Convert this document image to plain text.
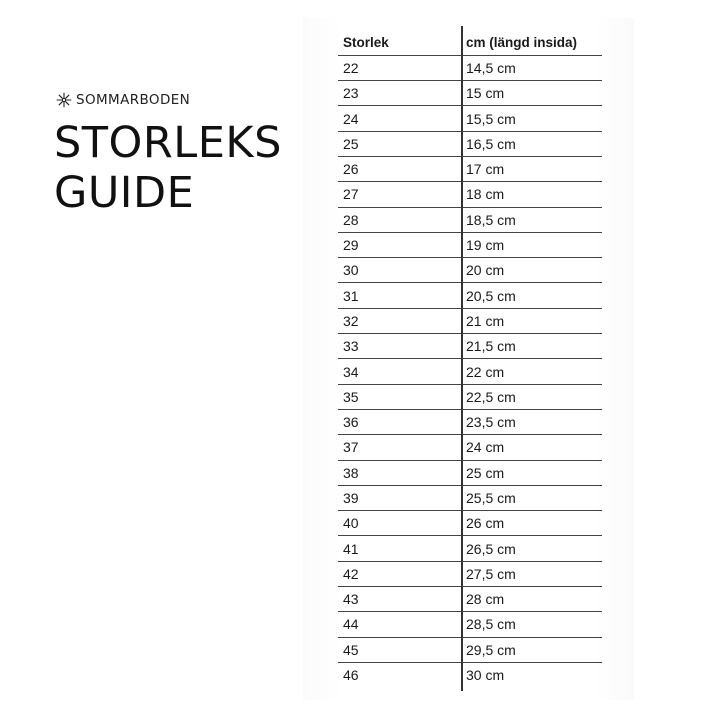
SOMMARBODEN
STORLEKS
GUIDE
Storlek	cm (längd insida)
22	14,5 cm
23	15 cm
24	15,5 cm
25	16,5 cm
26	17 cm
27	18 cm
28	18,5 cm
29	19 cm
30	20 cm
31	20,5 cm
32	21 cm
33	21,5 cm
34	22 cm
35	22,5 cm
36	23,5 cm
37	24 cm
38	25 cm
39	25,5 cm
40	26 cm
41	26,5 cm
42	27,5 cm
43	28 cm
44	28,5 cm
45	29,5 cm
46	30 cm
